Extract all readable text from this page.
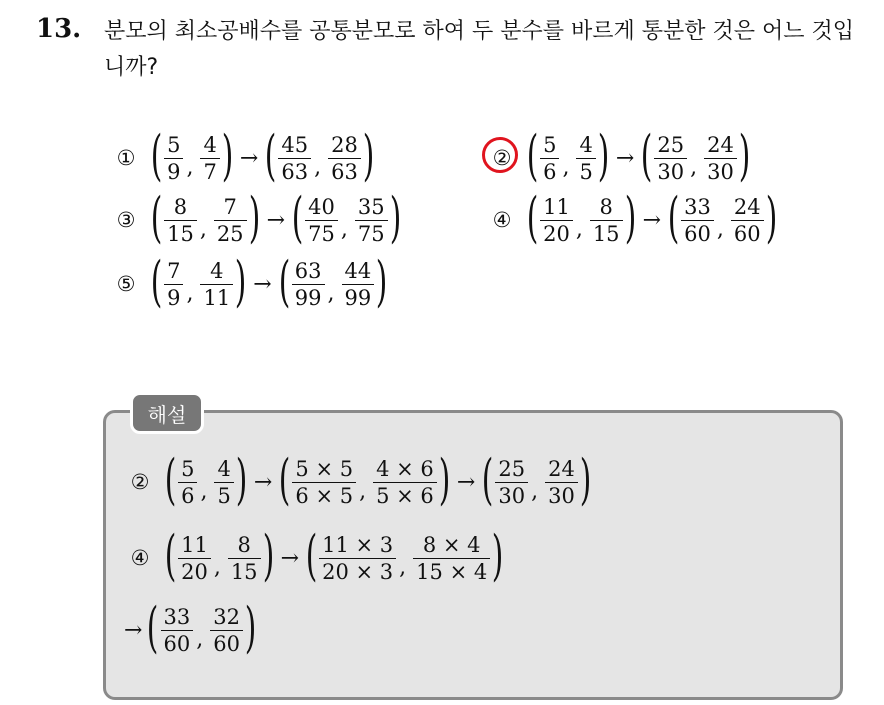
13. 분모의 최소공배수를 공통분모로 하여 두 분수를 바르게 통분한 것은 어느 것입니까?
① ( $\frac{5}{9}$ , $\frac{4}{7}$ ) → ( $\frac{45}{63}$ , $\frac{28}{63}$ )	② ( $\frac{5}{6}$ , $\frac{4}{5}$ ) → ( $\frac{25}{30}$ , $\frac{24}{30}$ )
③ ( $\frac{8}{15}$ , $\frac{7}{25}$ ) → ( $\frac{40}{75}$ , $\frac{35}{75}$ )	④ ( $\frac{11}{20}$ , $\frac{8}{15}$ ) → ( $\frac{33}{60}$ , $\frac{24}{60}$ )
⑤ ( $\frac{7}{9}$ , $\frac{4}{11}$ ) → ( $\frac{63}{99}$ , $\frac{44}{99}$ )
해설
② ( $\frac{5}{6}$ , $\frac{4}{5}$ ) → ( $\frac{5 \times 5}{6 \times 5}$ , $\frac{4 \times 6}{5 \times 6}$ ) → ( $\frac{25}{30}$ , $\frac{24}{30}$ )
④ ( $\frac{11}{20}$ , $\frac{8}{15}$ ) → ( $\frac{11 \times 3}{20 \times 3}$ , $\frac{8 \times 4}{15 \times 4}$ )
→ ( $\frac{33}{60}$ , $\frac{32}{60}$ )
